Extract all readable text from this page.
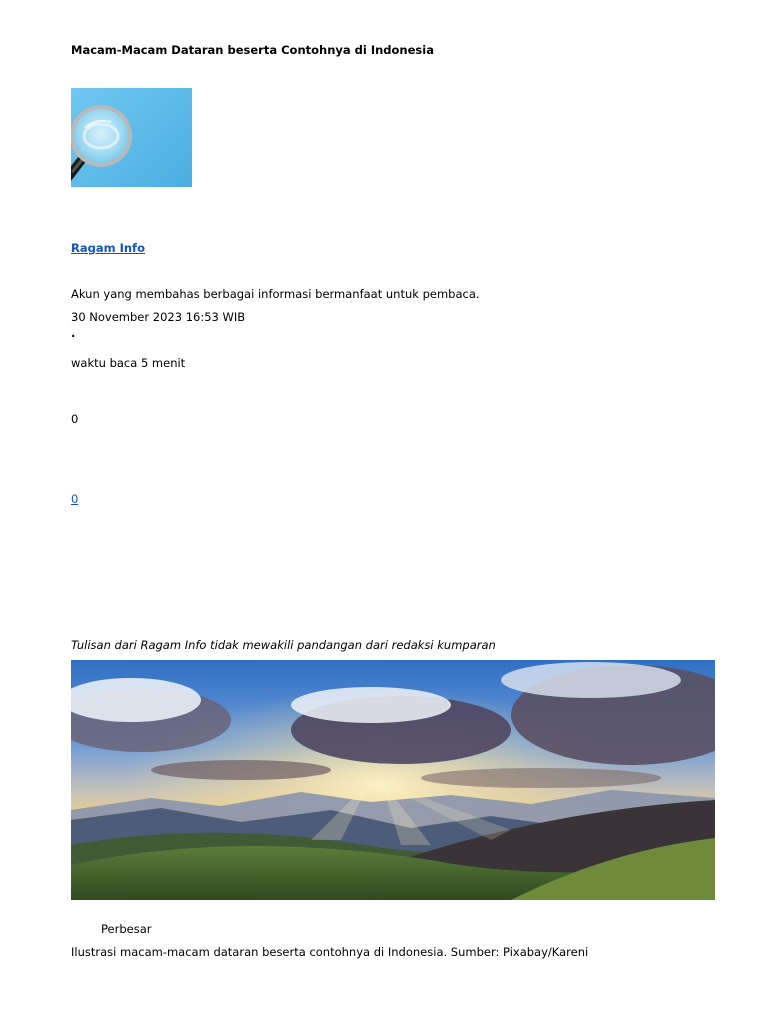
Macam-Macam Dataran beserta Contohnya di Indonesia
Ragam Info
Akun yang membahas berbagai informasi bermanfaat untuk pembaca.
30 November 2023 16:53 WIB
·
waktu baca 5 menit
0
0
Tulisan dari Ragam Info tidak mewakili pandangan dari redaksi kumparan
Perbesar
Ilustrasi macam-macam dataran beserta contohnya di Indonesia. Sumber: Pixabay/Kareni
